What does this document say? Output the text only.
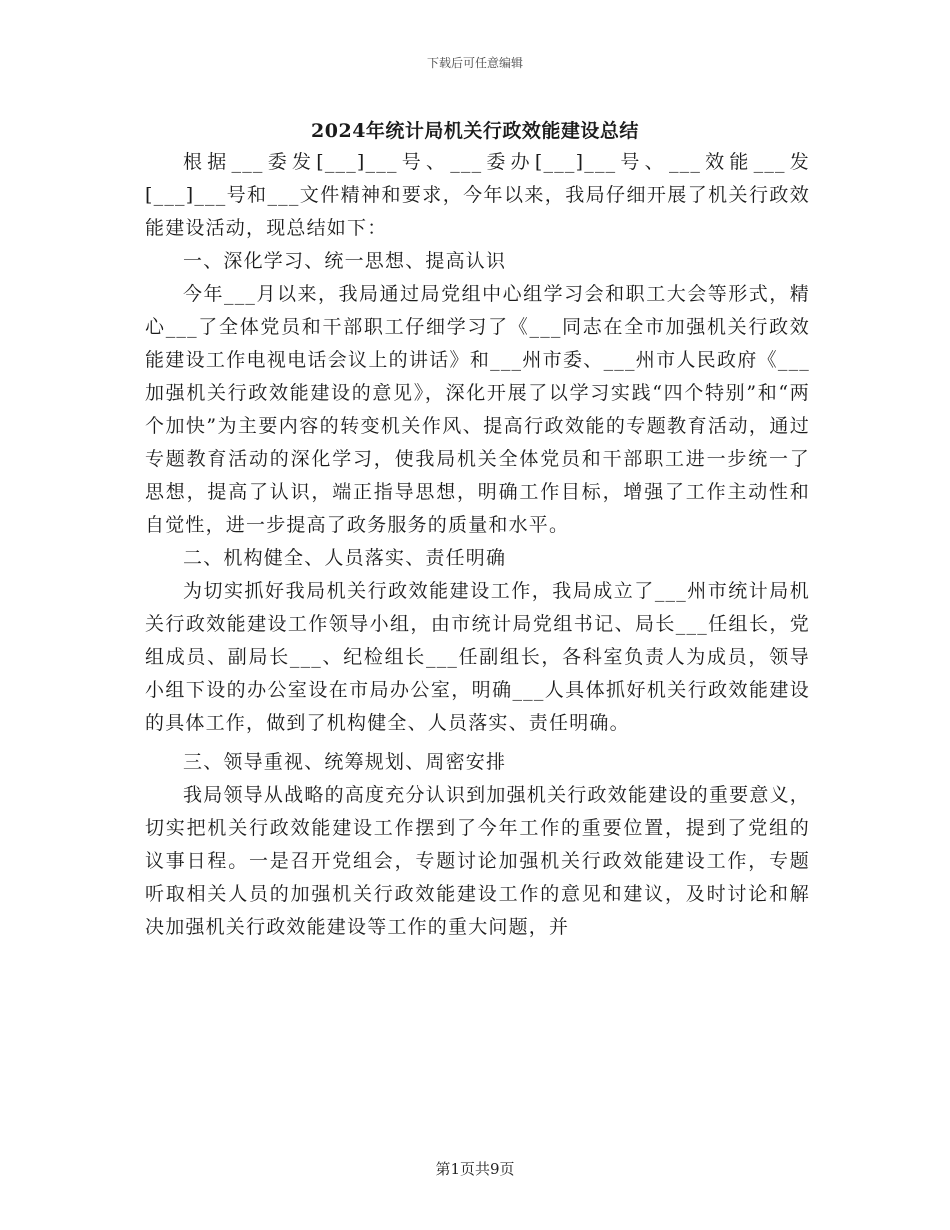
下载后可任意编辑
2024年统计局机关行政效能建设总结

根据___委发[___]___号、___委办[___]___号、___效能___发[___]___号和___文件精神和要求，今年以来，我局仔细开展了机关行政效能建设活动，现总结如下：

一、深化学习、统一思想、提高认识

今年___月以来，我局通过局党组中心组学习会和职工大会等形式，精心___了全体党员和干部职工仔细学习了《___同志在全市加强机关行政效能建设工作电视电话会议上的讲话》和___州市委、___州市人民政府《___加强机关行政效能建设的意见》，深化开展了以学习实践“四个特别”和“两个加快”为主要内容的转变机关作风、提高行政效能的专题教育活动，通过专题教育活动的深化学习，使我局机关全体党员和干部职工进一步统一了思想，提高了认识，端正指导思想，明确工作目标，增强了工作主动性和自觉性，进一步提高了政务服务的质量和水平。

二、机构健全、人员落实、责任明确

为切实抓好我局机关行政效能建设工作，我局成立了___州市统计局机关行政效能建设工作领导小组，由市统计局党组书记、局长___任组长，党组成员、副局长___、纪检组长___任副组长，各科室负责人为成员，领导小组下设的办公室设在市局办公室，明确___人具体抓好机关行政效能建设的具体工作，做到了机构健全、人员落实、责任明确。

三、领导重视、统筹规划、周密安排

我局领导从战略的高度充分认识到加强机关行政效能建设的重要意义，切实把机关行政效能建设工作摆到了今年工作的重要位置，提到了党组的议事日程。一是召开党组会，专题讨论加强机关行政效能建设工作，专题听取相关人员的加强机关行政效能建设工作的意见和建议，及时讨论和解决加强机关行政效能建设等工作的重大问题，并

第1页共9页
